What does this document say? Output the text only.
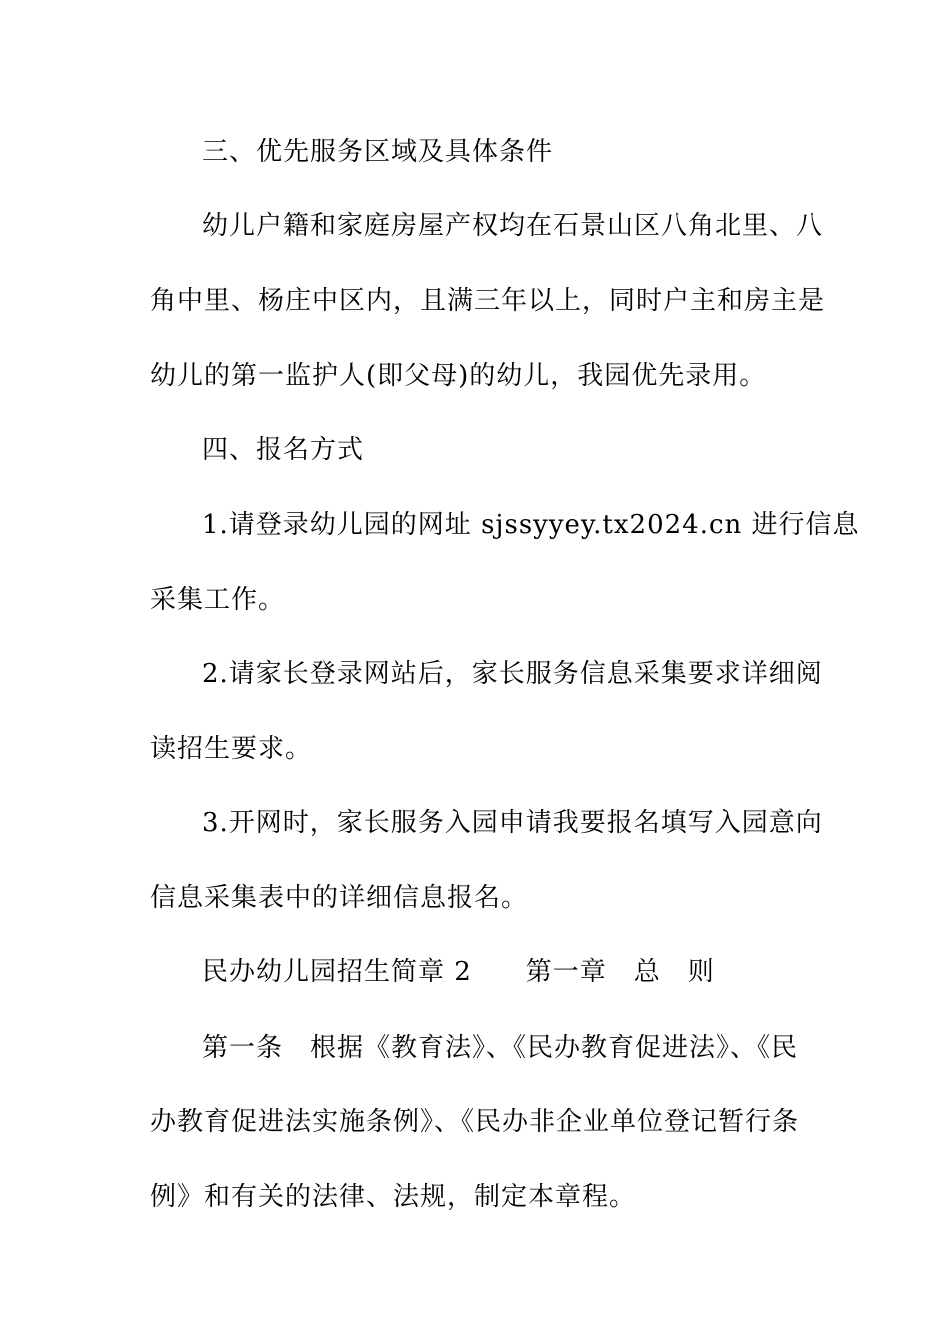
三、优先服务区域及具体条件
幼儿户籍和家庭房屋产权均在石景山区八角北里、八
角中里、杨庄中区内，且满三年以上，同时户主和房主是
幼儿的第一监护人(即父母)的幼儿，我园优先录用。
四、报名方式
1.请登录幼儿园的网址 sjssyyey.tx2024.cn 进行信息
采集工作。
2.请家长登录网站后，家长服务信息采集要求详细阅
读招生要求。
3.开网时，家长服务入园申请我要报名填写入园意向
信息采集表中的详细信息报名。
民办幼儿园招生简章 2　　第一章　总　则
第一条　根据《教育法》、《民办教育促进法》、《民
办教育促进法实施条例》、《民办非企业单位登记暂行条
例》和有关的法律、法规，制定本章程。
